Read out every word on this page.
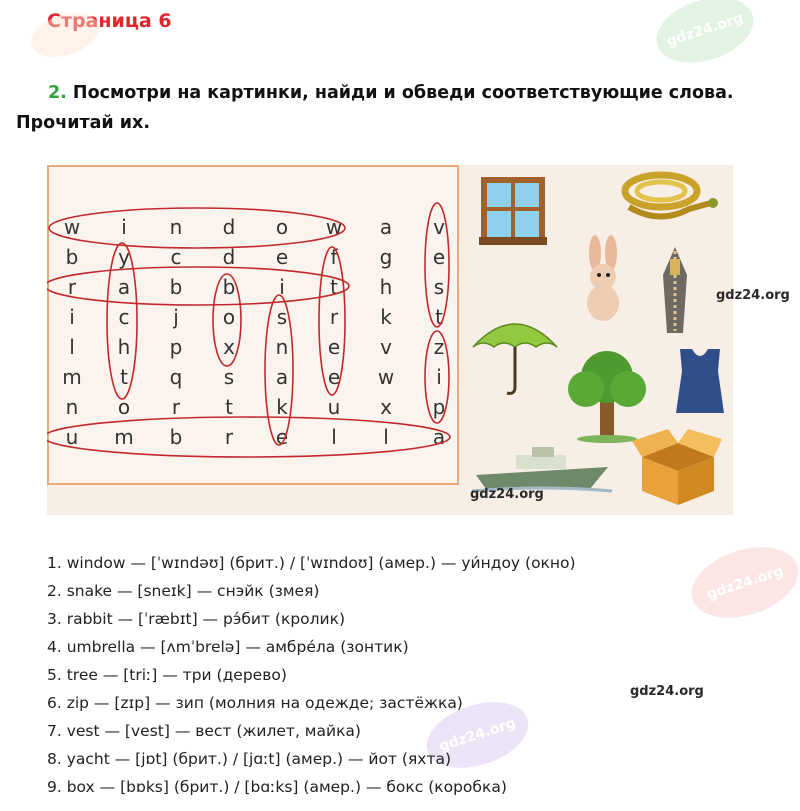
Страница 6	gdz24.org
gdz24.org
gdz24.org
2. Посмотри на картинки, найди и обведи соответствующие слова.
Прочитай их.
w	i	n	d	o	w	a	v
b	y	c	d	e	f	g	e
r	a	b	b	i	t	h	s
i	c	j	o	s	r	k	t
l	h	p	x	n	e	v	z
m	t	q	s	a	e	w	i
n	o	r	t	k	u	x	p
u	m	b	r	e	l	l	a
gdz24.org
gdz24.org
gdz24.org
1. window — [ˈwɪndəʊ] (брит.) / [ˈwɪndoʊ] (амер.) — уи́ндоу (окно)
2. snake — [sneɪk] — снэйк (змея)
3. rabbit — [ˈræbɪt] — рэ́бит (кролик)
4. umbrella — [ʌmˈbrelə] — амбре́ла (зонтик)
5. tree — [triː] — три (дерево)
6. zip — [zɪp] — зип (молния на одежде; застёжка)
7. vest — [vest] — вест (жилет, майка)
8. yacht — [jɒt] (брит.) / [jɑːt] (амер.) — йот (яхта)
9. box — [bɒks] (брит.) / [bɑːks] (амер.) — бокс (коробка)
